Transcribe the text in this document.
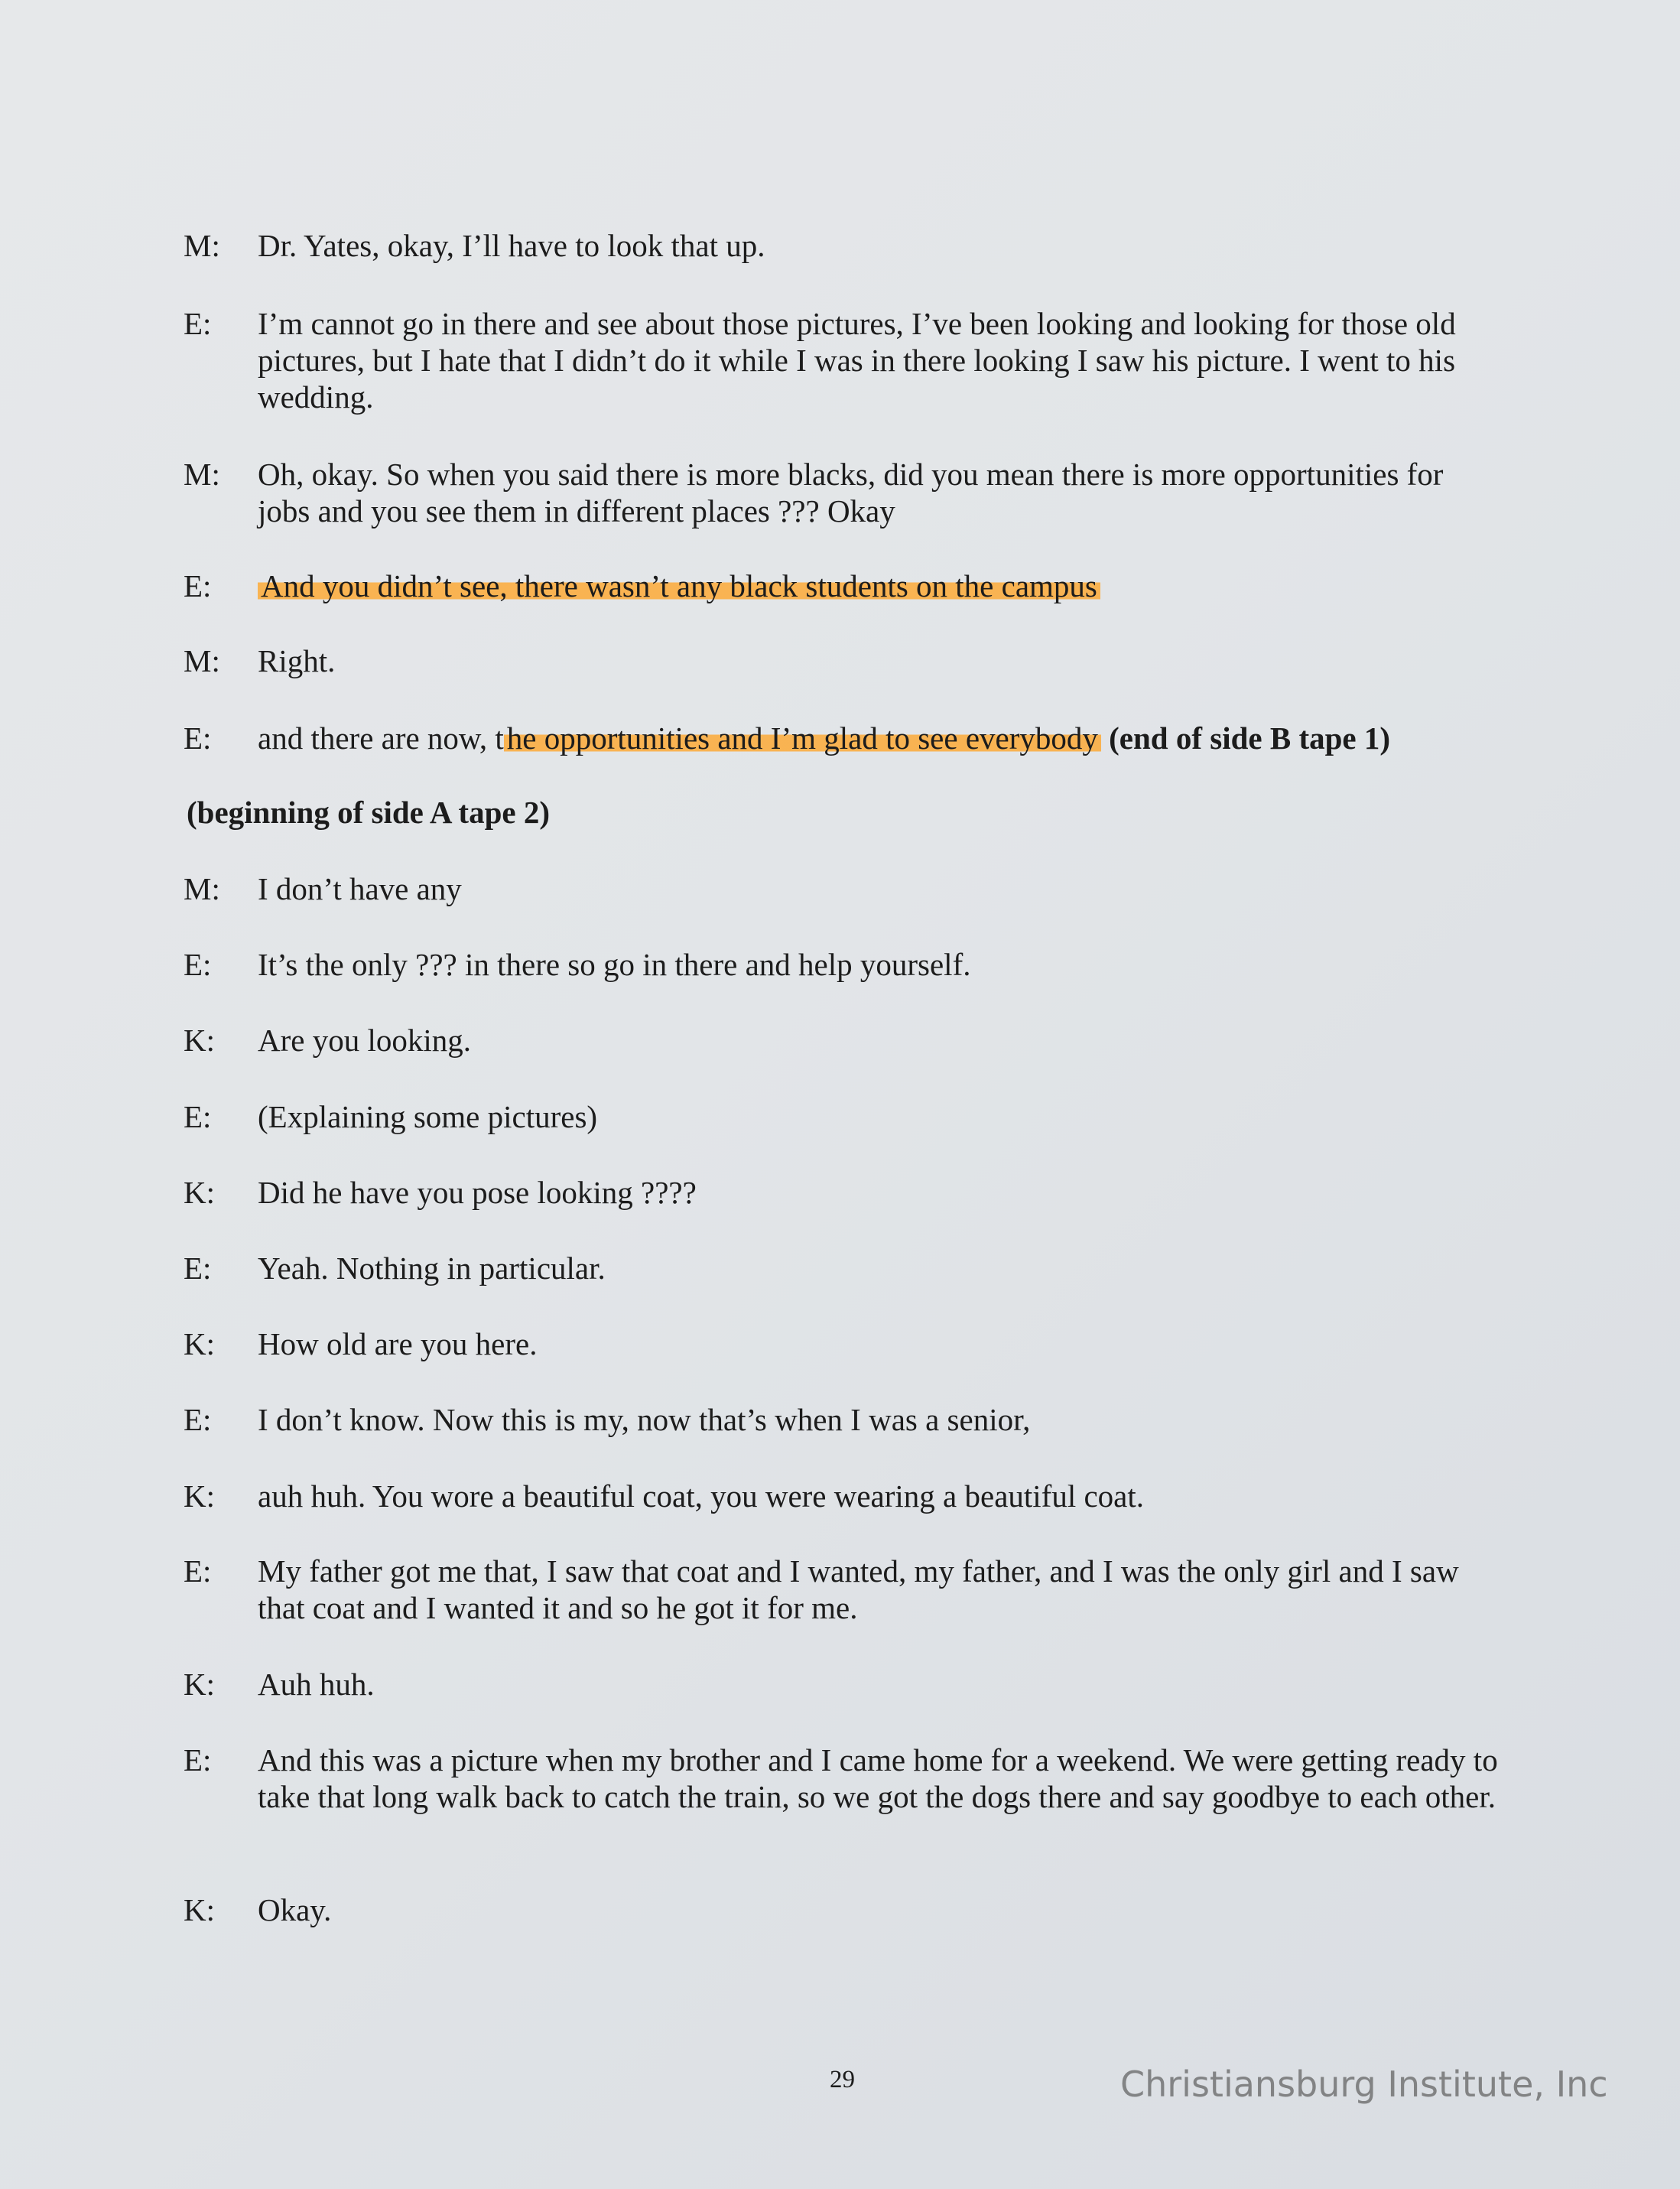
M:	Dr. Yates, okay, I’ll have to look that up.
E:	I’m cannot go in there and see about those pictures, I’ve been looking and looking for those old pictures, but I hate that I didn’t do it while I was in there looking I saw his picture. I went to his wedding.
M:	Oh, okay. So when you said there is more blacks, did you mean there is more opportunities for jobs and you see them in different places ??? Okay
E:	And you didn’t see, there wasn’t any black students on the campus
M:	Right.
E:	and there are now, the opportunities and I’m glad to see everybody (end of side B tape 1)
(beginning of side A tape 2)
M:	I don’t have any
E:	It’s the only ??? in there so go in there and help yourself.
K:	Are you looking.
E:	(Explaining some pictures)
K:	Did he have you pose looking ????
E:	Yeah. Nothing in particular.
K:	How old are you here.
E:	I don’t know. Now this is my, now that’s when I was a senior,
K:	auh huh. You wore a beautiful coat, you were wearing a beautiful coat.
E:	My father got me that, I saw that coat and I wanted, my father, and I was the only girl and I saw that coat and I wanted it and so he got it for me.
K:	Auh huh.
E:	And this was a picture when my brother and I came home for a weekend. We were getting ready to take that long walk back to catch the train, so we got the dogs there and say goodbye to each other.
K:	Okay.
29	Christiansburg Institute, Inc
